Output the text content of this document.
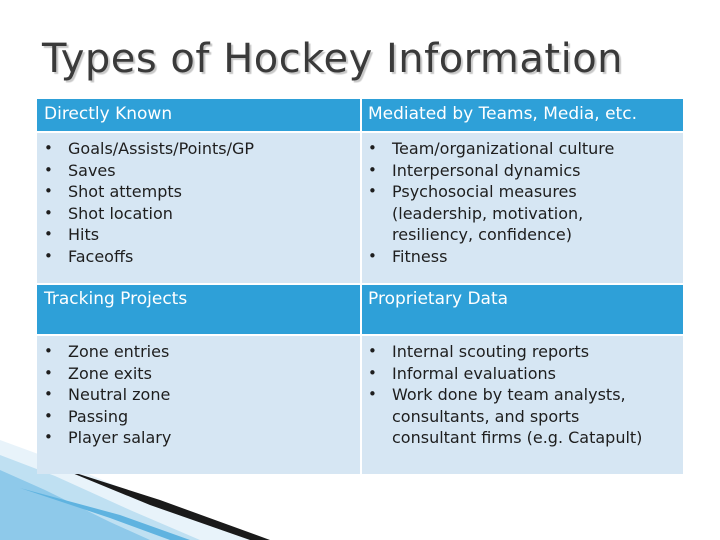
Types of Hockey Information
Directly Known	Mediated by Teams, Media, etc.
• Goals/Assists/Points/GP
• Saves
• Shot attempts
• Shot location
• Hits
• Faceoffs
• Team/organizational culture
• Interpersonal dynamics
• Psychosocial measures
(leadership, motivation,
resiliency, confidence)
• Fitness
Tracking Projects	Proprietary Data
• Zone entries
• Zone exits
• Neutral zone
• Passing
• Player salary
• Internal scouting reports
• Informal evaluations
• Work done by team analysts,
consultants, and sports
consultant firms (e.g. Catapult)
